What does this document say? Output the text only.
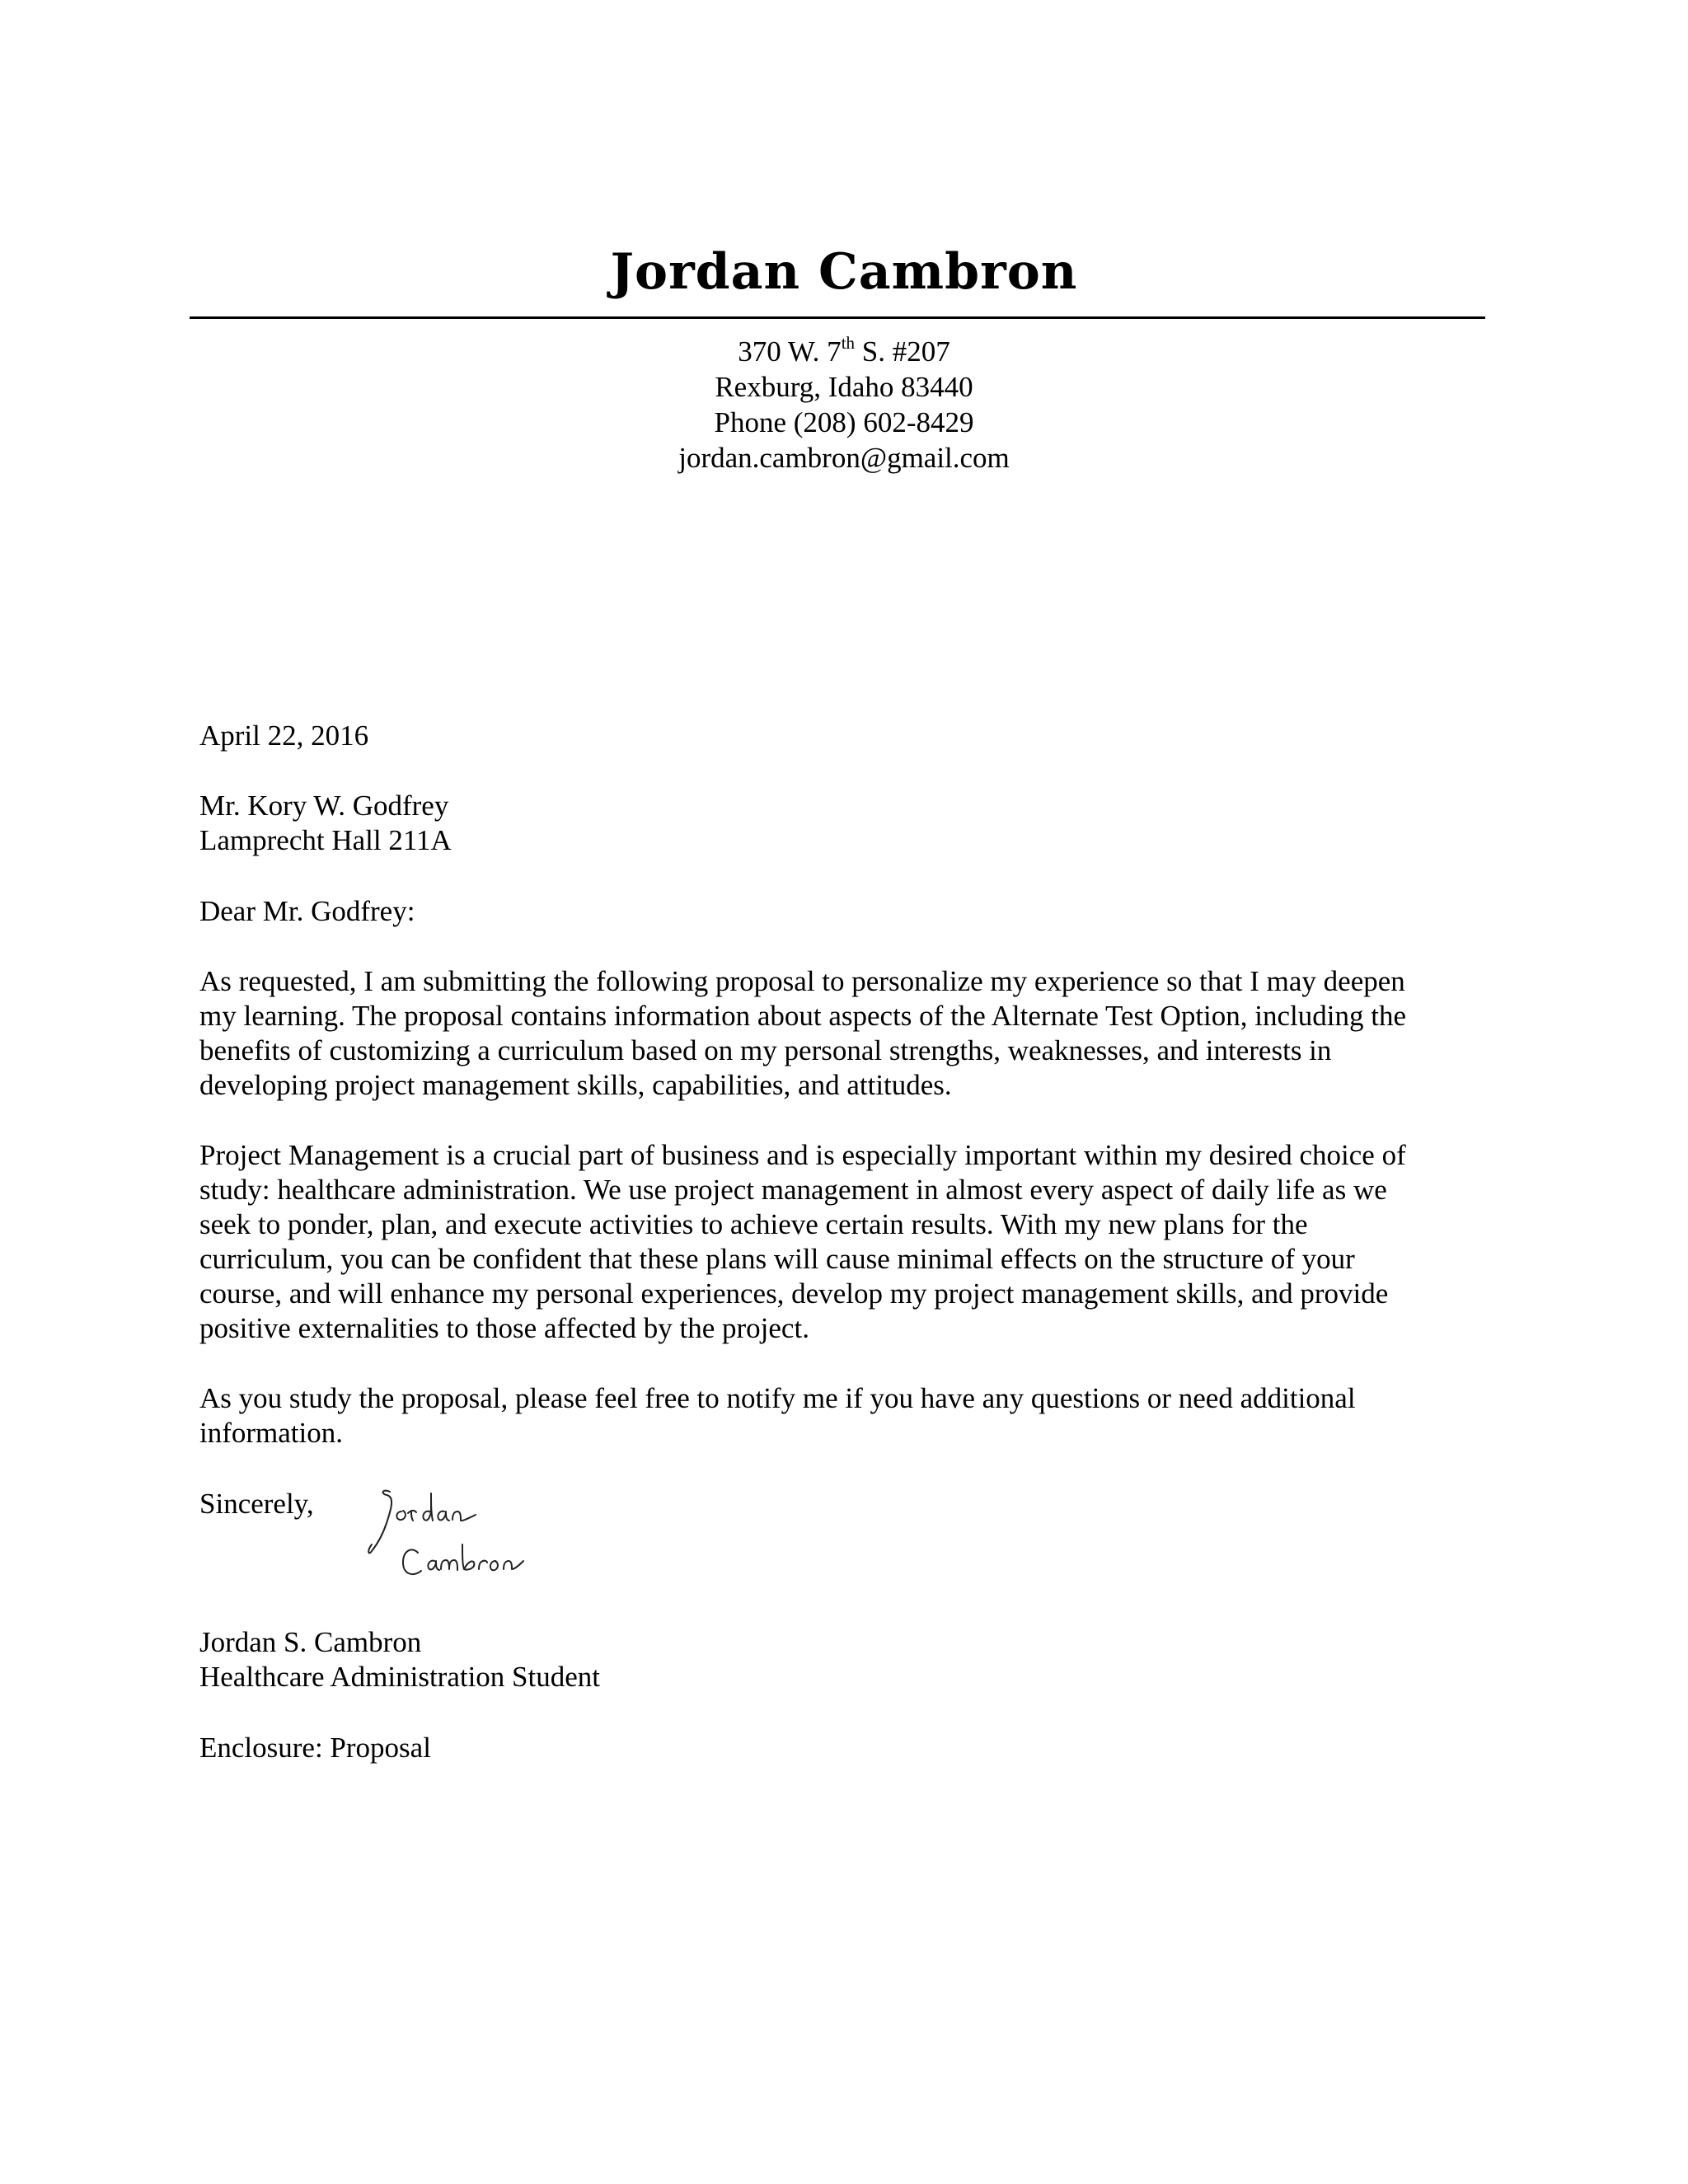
Jordan Cambron
370 W. 7th S. #207
Rexburg, Idaho 83440
Phone (208) 602-8429
jordan.cambron@gmail.com
April 22, 2016
Mr. Kory W. Godfrey
Lamprecht Hall 211A
Dear Mr. Godfrey:
As requested, I am submitting the following proposal to personalize my experience so that I may deepen
my learning. The proposal contains information about aspects of the Alternate Test Option, including the
benefits of customizing a curriculum based on my personal strengths, weaknesses, and interests in
developing project management skills, capabilities, and attitudes.
Project Management is a crucial part of business and is especially important within my desired choice of
study: healthcare administration. We use project management in almost every aspect of daily life as we
seek to ponder, plan, and execute activities to achieve certain results. With my new plans for the
curriculum, you can be confident that these plans will cause minimal effects on the structure of your
course, and will enhance my personal experiences, develop my project management skills, and provide
positive externalities to those affected by the project.
As you study the proposal, please feel free to notify me if you have any questions or need additional
information.
Sincerely,
Jordan S. Cambron
Healthcare Administration Student
Enclosure: Proposal
